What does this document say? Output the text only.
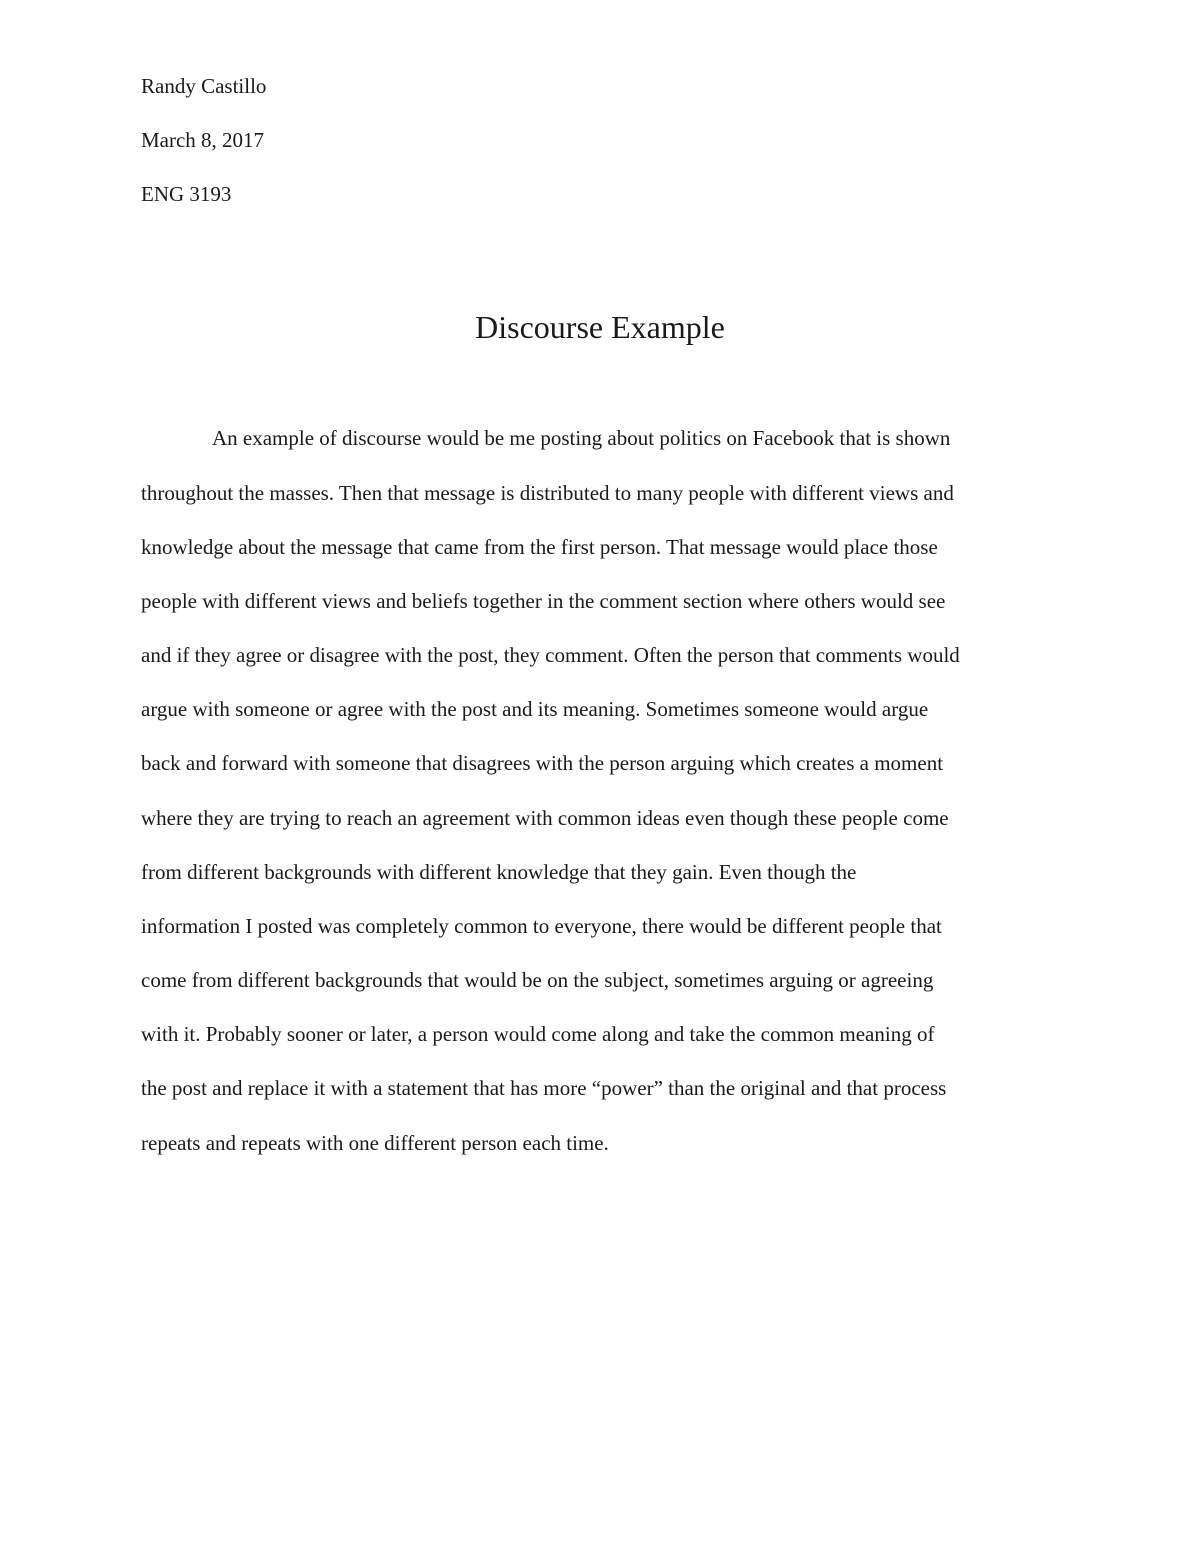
Randy Castillo

March 8, 2017

ENG 3193

Discourse Example

An example of discourse would be me posting about politics on Facebook that is shown

throughout the masses. Then that message is distributed to many people with different views and

knowledge about the message that came from the first person. That message would place those

people with different views and beliefs together in the comment section where others would see

and if they agree or disagree with the post, they comment. Often the person that comments would

argue with someone or agree with the post and its meaning. Sometimes someone would argue

back and forward with someone that disagrees with the person arguing which creates a moment

where they are trying to reach an agreement with common ideas even though these people come

from different backgrounds with different knowledge that they gain. Even though the

information I posted was completely common to everyone, there would be different people that

come from different backgrounds that would be on the subject, sometimes arguing or agreeing

with it. Probably sooner or later, a person would come along and take the common meaning of

the post and replace it with a statement that has more “power” than the original and that process

repeats and repeats with one different person each time.
